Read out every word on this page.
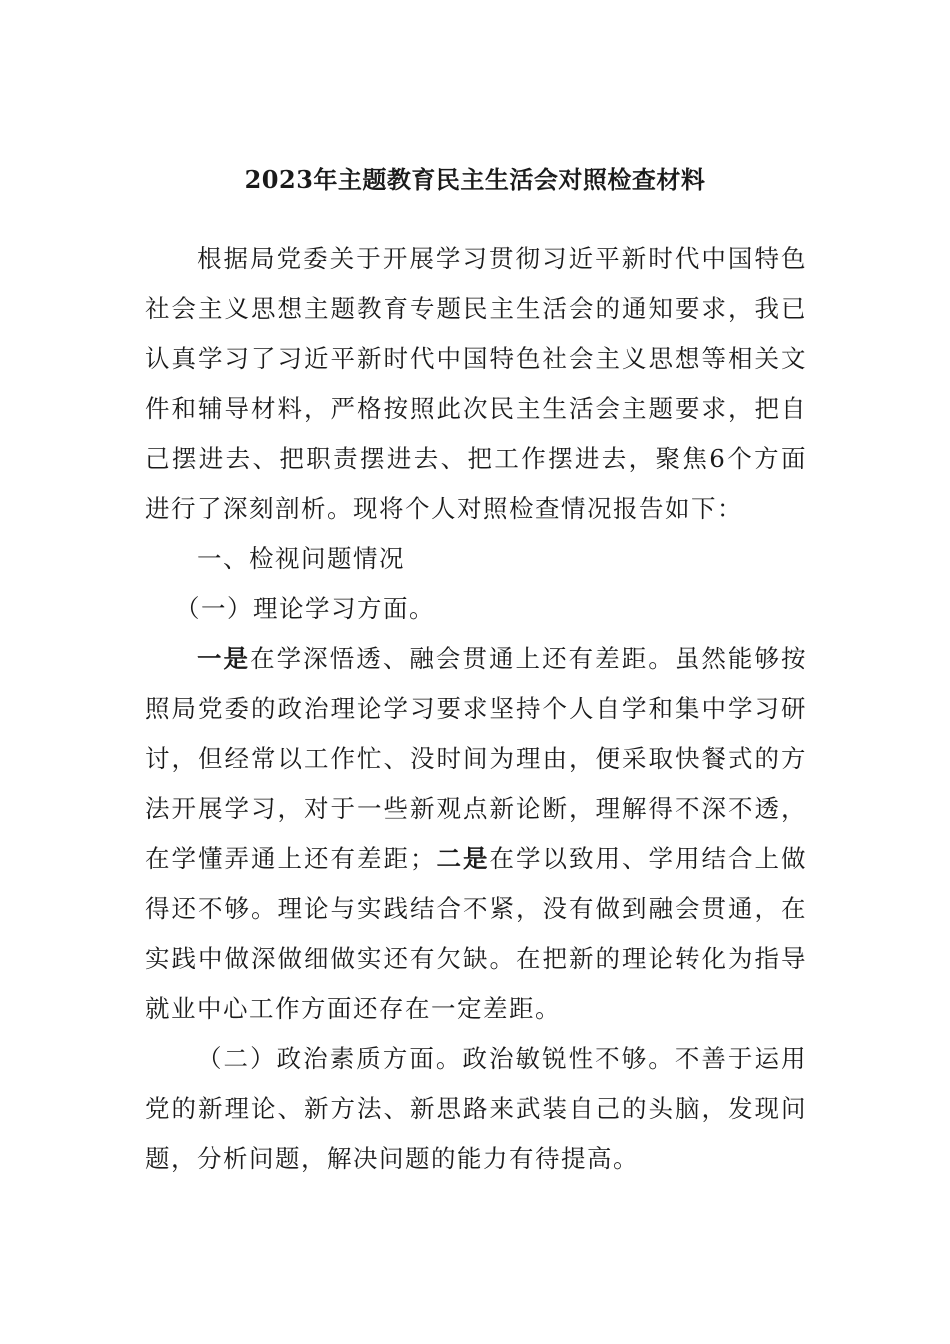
2023年主题教育民主生活会对照检查材料

根据局党委关于开展学习贯彻习近平新时代中国特色社会主义思想主题教育专题民主生活会的通知要求，我已认真学习了习近平新时代中国特色社会主义思想等相关文件和辅导材料，严格按照此次民主生活会主题要求，把自己摆进去、把职责摆进去、把工作摆进去，聚焦6个方面进行了深刻剖析。现将个人对照检查情况报告如下：

一、检视问题情况

（一）理论学习方面。

一是在学深悟透、融会贯通上还有差距。虽然能够按照局党委的政治理论学习要求坚持个人自学和集中学习研讨，但经常以工作忙、没时间为理由，便采取快餐式的方法开展学习，对于一些新观点新论断，理解得不深不透，在学懂弄通上还有差距；二是在学以致用、学用结合上做得还不够。理论与实践结合不紧，没有做到融会贯通，在实践中做深做细做实还有欠缺。在把新的理论转化为指导就业中心工作方面还存在一定差距。

（二）政治素质方面。政治敏锐性不够。不善于运用党的新理论、新方法、新思路来武装自己的头脑，发现问题，分析问题，解决问题的能力有待提高。
